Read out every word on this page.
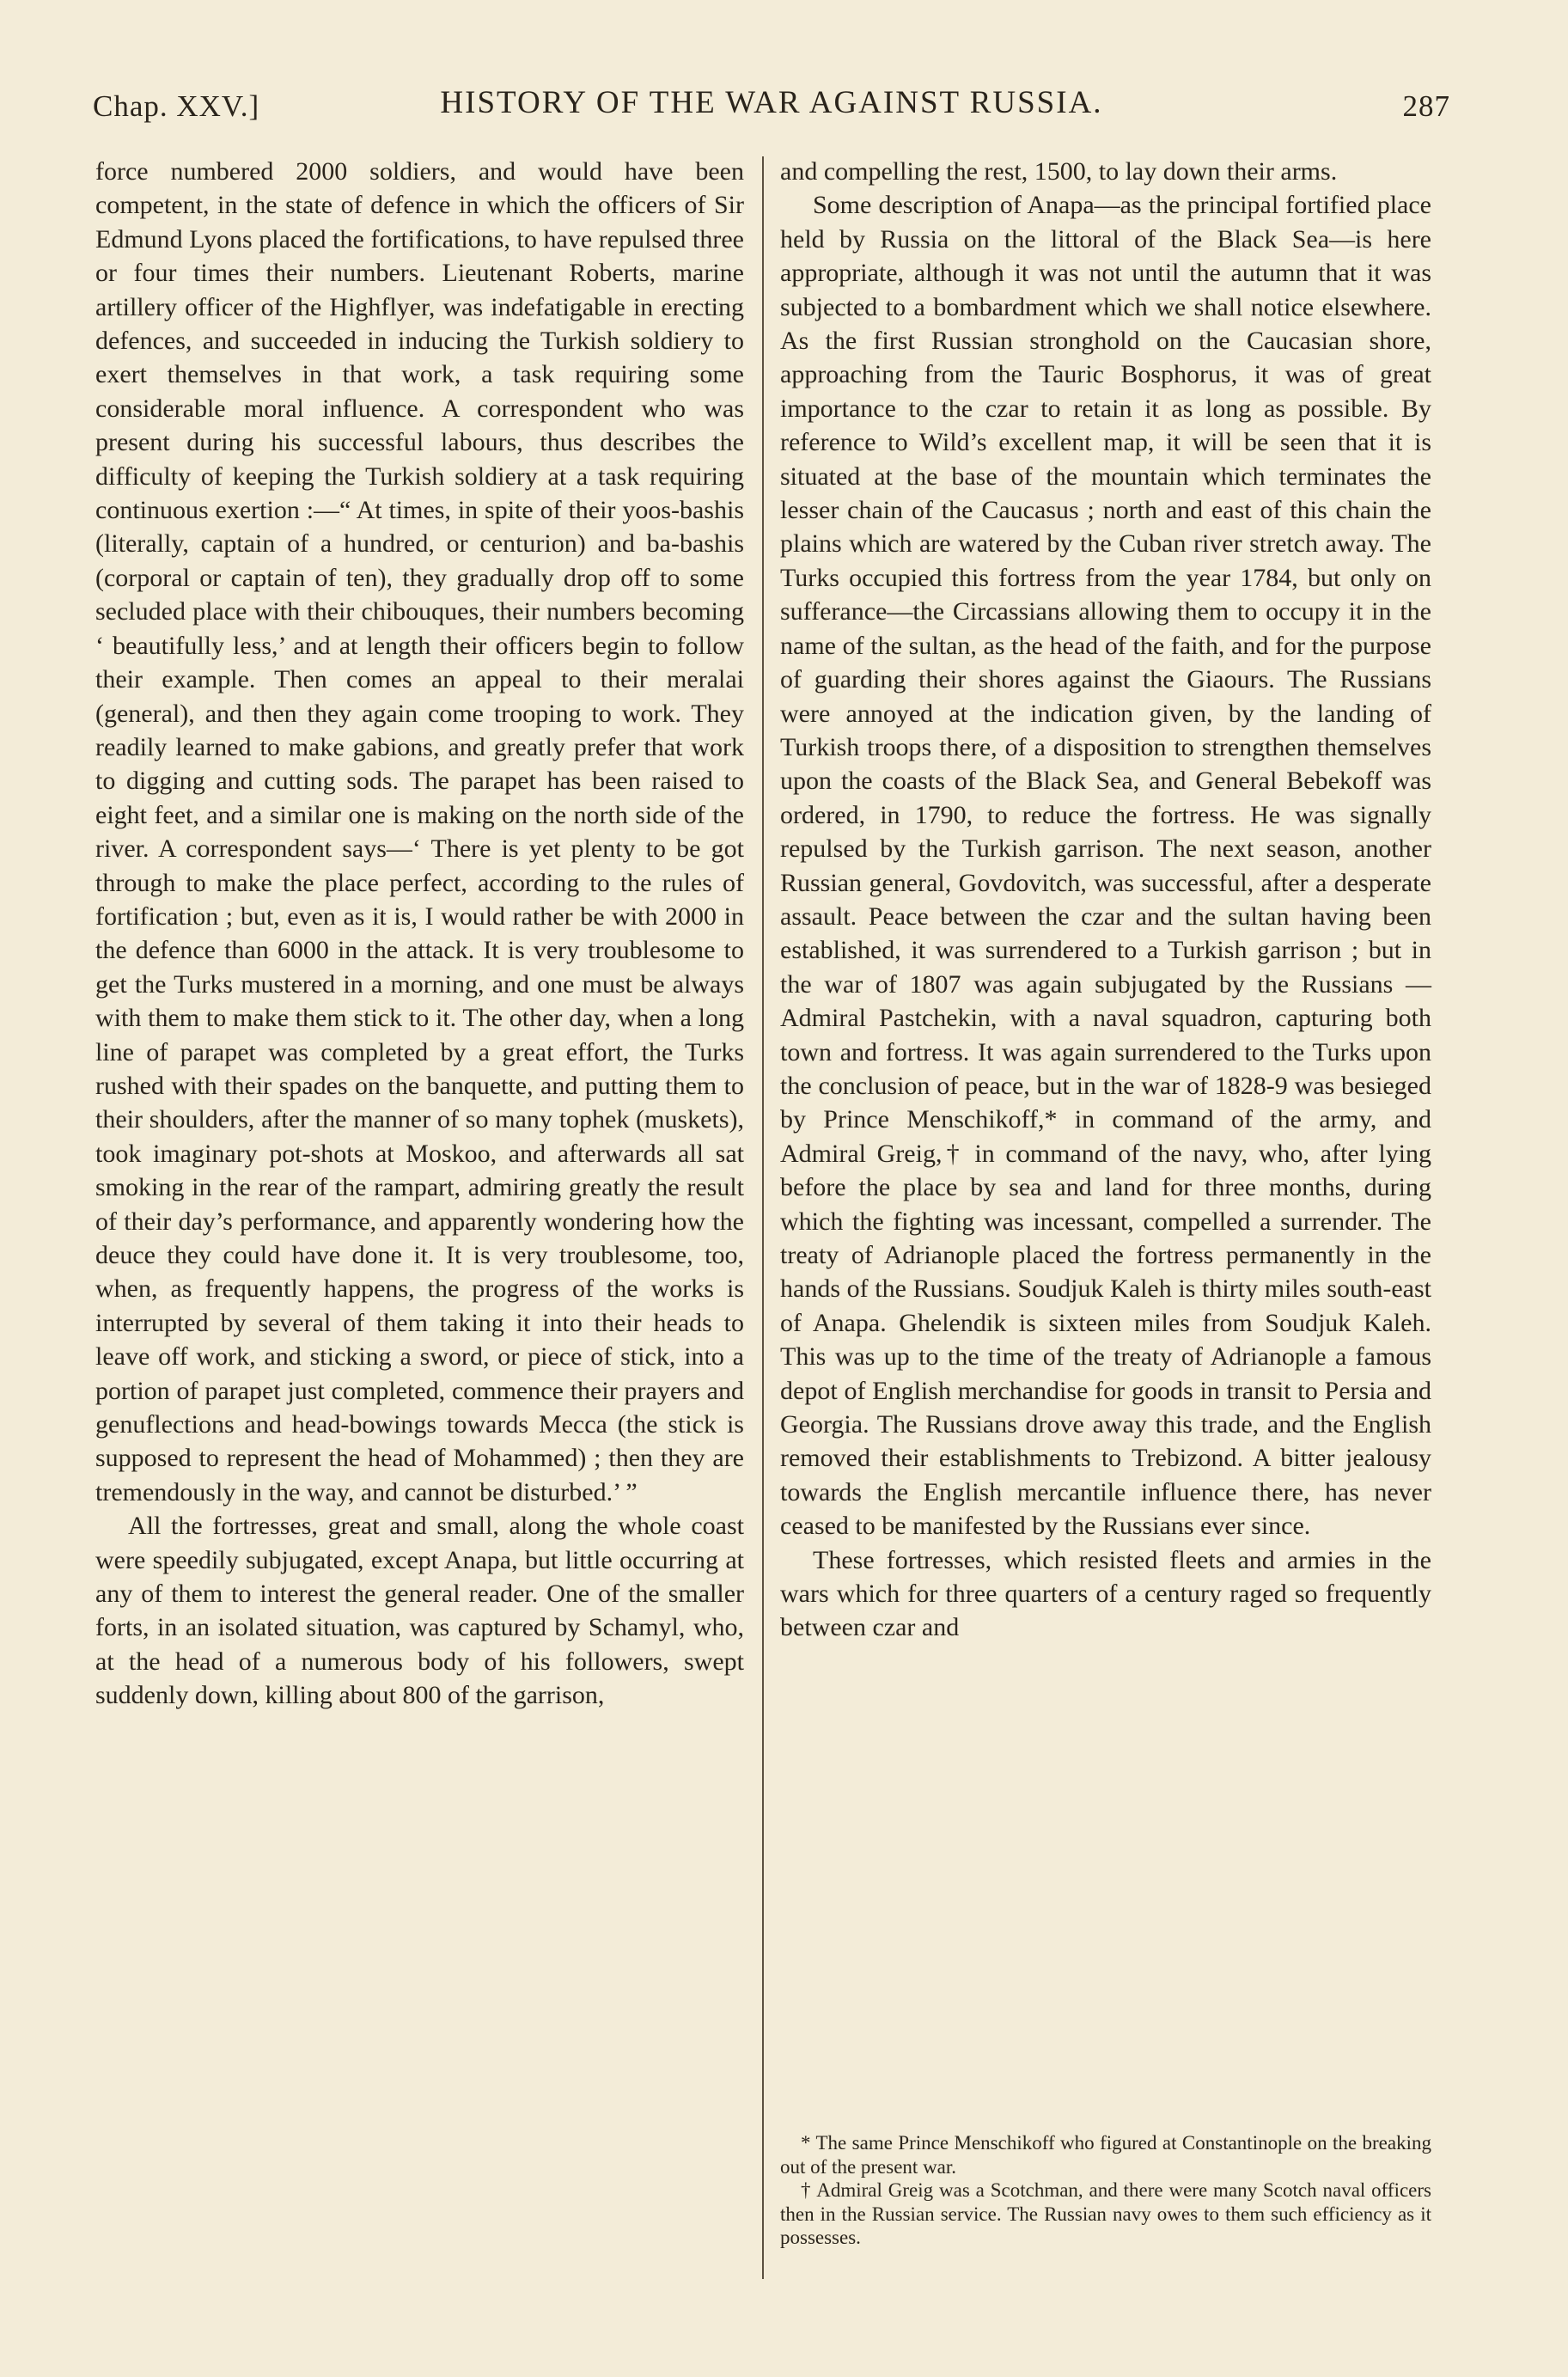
Chap. XXV.]	HISTORY OF THE WAR AGAINST RUSSIA.	287

force numbered 2000 soldiers, and would have been competent, in the state of defence in which the officers of Sir Edmund Lyons placed the fortifications, to have repulsed three or four times their numbers. Lieutenant Roberts, marine artillery officer of the Highflyer, was indefatigable in erecting defences, and succeeded in inducing the Turkish soldiery to exert themselves in that work, a task requiring some considerable moral influence. A correspondent who was present during his successful labours, thus describes the difficulty of keeping the Turkish soldiery at a task requiring continuous exertion :—“ At times, in spite of their yoos-bashis (literally, captain of a hundred, or centurion) and ba-bashis (corporal or captain of ten), they gradually drop off to some secluded place with their chibouques, their numbers becoming ‘ beautifully less,’ and at length their officers begin to follow their example. Then comes an appeal to their meralai (general), and then they again come trooping to work. They readily learned to make gabions, and greatly prefer that work to digging and cutting sods. The parapet has been raised to eight feet, and a similar one is making on the north side of the river. A correspondent says—‘ There is yet plenty to be got through to make the place perfect, according to the rules of fortification ; but, even as it is, I would rather be with 2000 in the defence than 6000 in the attack. It is very troublesome to get the Turks mustered in a morning, and one must be always with them to make them stick to it. The other day, when a long line of parapet was completed by a great effort, the Turks rushed with their spades on the banquette, and putting them to their shoulders, after the manner of so many tophek (muskets), took imaginary pot-shots at Moskoo, and afterwards all sat smoking in the rear of the rampart, admiring greatly the result of their day’s performance, and apparently wondering how the deuce they could have done it. It is very troublesome, too, when, as frequently happens, the progress of the works is interrupted by several of them taking it into their heads to leave off work, and sticking a sword, or piece of stick, into a portion of parapet just completed, commence their prayers and genuflections and head-bowings towards Mecca (the stick is supposed to represent the head of Mohammed) ; then they are tremendously in the way, and cannot be disturbed.’ ”

All the fortresses, great and small, along the whole coast were speedily subjugated, except Anapa, but little occurring at any of them to interest the general reader. One of the smaller forts, in an isolated situation, was captured by Schamyl, who, at the head of a numerous body of his followers, swept suddenly down, killing about 800 of the garrison,

and compelling the rest, 1500, to lay down their arms.

Some description of Anapa—as the principal fortified place held by Russia on the littoral of the Black Sea—is here appropriate, although it was not until the autumn that it was subjected to a bombardment which we shall notice elsewhere. As the first Russian stronghold on the Caucasian shore, approaching from the Tauric Bosphorus, it was of great importance to the czar to retain it as long as possible. By reference to Wild’s excellent map, it will be seen that it is situated at the base of the mountain which terminates the lesser chain of the Caucasus ; north and east of this chain the plains which are watered by the Cuban river stretch away. The Turks occupied this fortress from the year 1784, but only on sufferance—the Circassians allowing them to occupy it in the name of the sultan, as the head of the faith, and for the purpose of guarding their shores against the Giaours. The Russians were annoyed at the indication given, by the landing of Turkish troops there, of a disposition to strengthen themselves upon the coasts of the Black Sea, and General Bebekoff was ordered, in 1790, to reduce the fortress. He was signally repulsed by the Turkish garrison. The next season, another Russian general, Govdovitch, was successful, after a desperate assault. Peace between the czar and the sultan having been established, it was surrendered to a Turkish garrison ; but in the war of 1807 was again subjugated by the Russians — Admiral Pastchekin, with a naval squadron, capturing both town and fortress. It was again surrendered to the Turks upon the conclusion of peace, but in the war of 1828-9 was besieged by Prince Menschikoff,* in command of the army, and Admiral Greig,† in command of the navy, who, after lying before the place by sea and land for three months, during which the fighting was incessant, compelled a surrender. The treaty of Adrianople placed the fortress permanently in the hands of the Russians. Soudjuk Kaleh is thirty miles south-east of Anapa. Ghelendik is sixteen miles from Soudjuk Kaleh. This was up to the time of the treaty of Adrianople a famous depot of English merchandise for goods in transit to Persia and Georgia. The Russians drove away this trade, and the English removed their establishments to Trebizond. A bitter jealousy towards the English mercantile influence there, has never ceased to be manifested by the Russians ever since.

These fortresses, which resisted fleets and armies in the wars which for three quarters of a century raged so frequently between czar and

* The same Prince Menschikoff who figured at Constantinople on the breaking out of the present war.

† Admiral Greig was a Scotchman, and there were many Scotch naval officers then in the Russian service. The Russian navy owes to them such efficiency as it possesses.
